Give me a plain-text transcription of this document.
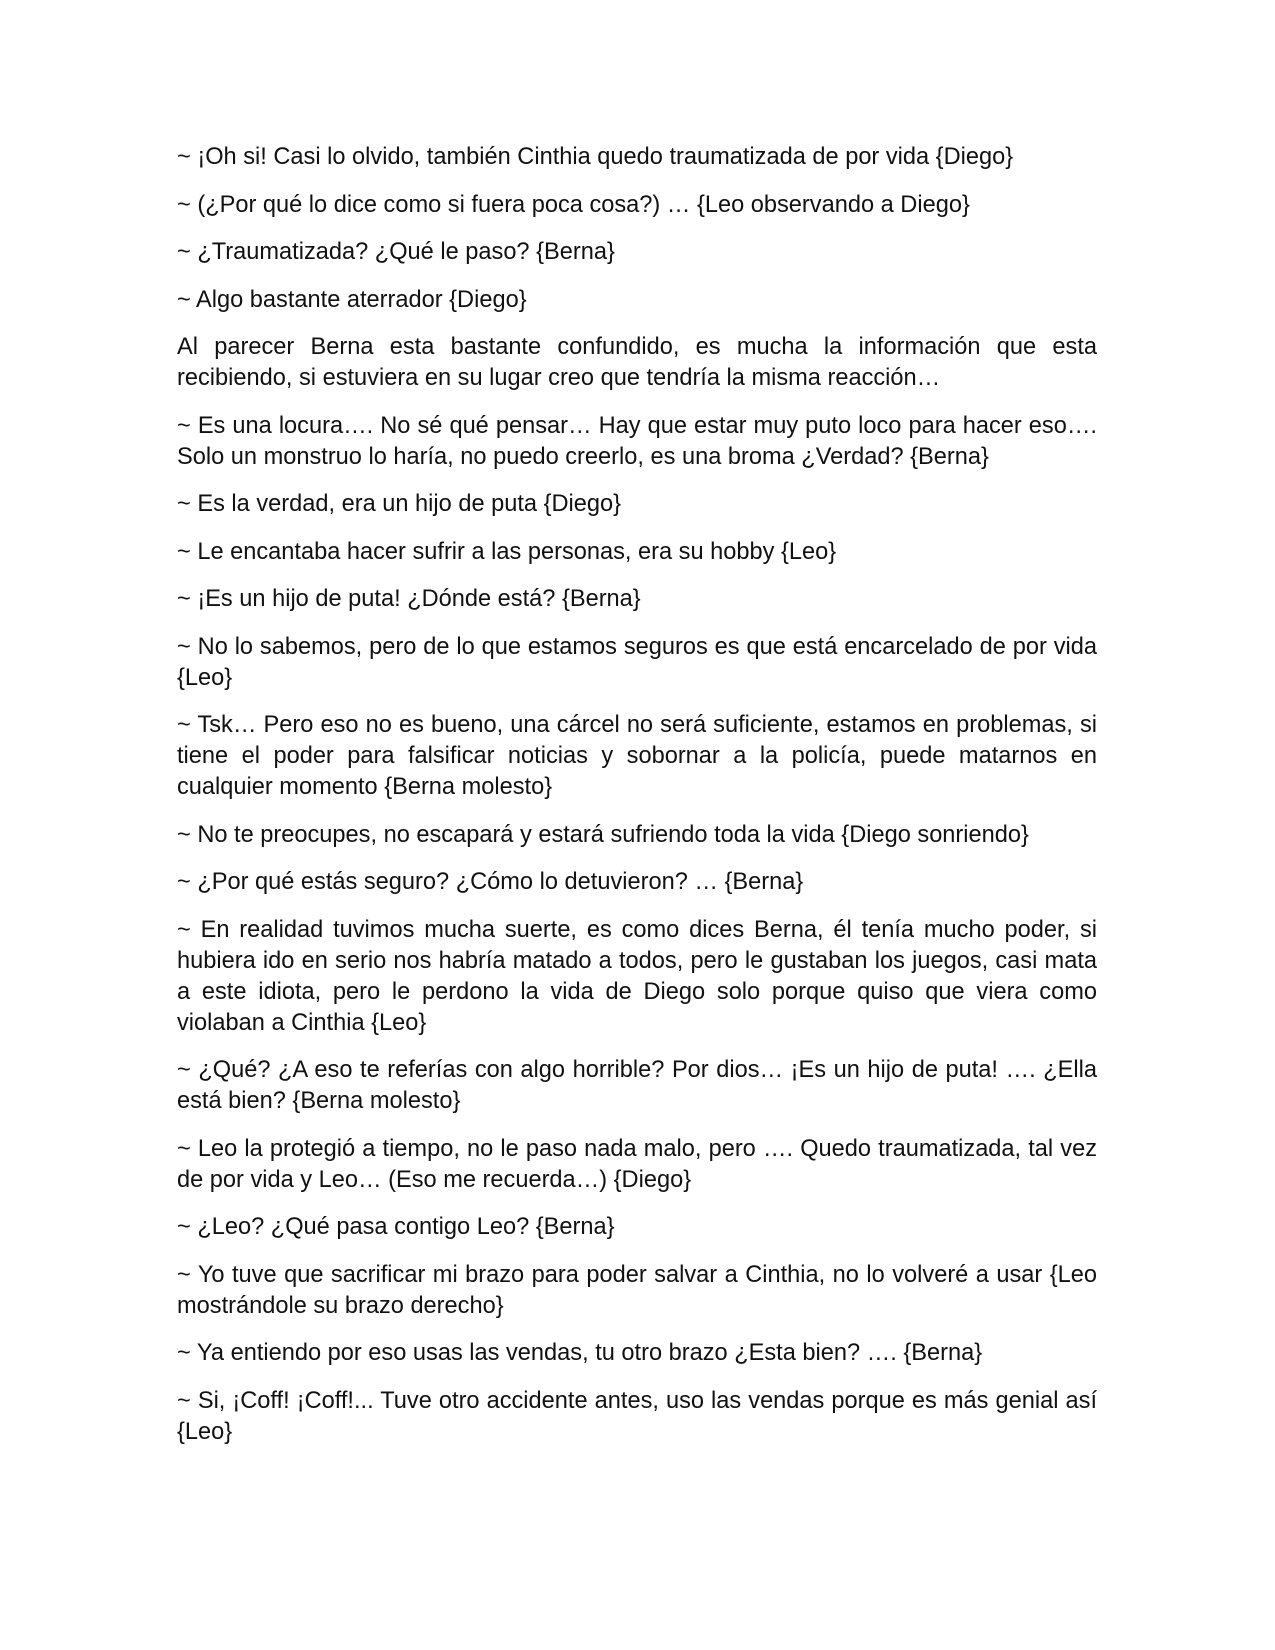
~ ¡Oh si! Casi lo olvido, también Cinthia quedo traumatizada de por vida {Diego}

~ (¿Por qué lo dice como si fuera poca cosa?) … {Leo observando a Diego}

~ ¿Traumatizada? ¿Qué le paso? {Berna}

~ Algo bastante aterrador {Diego}

Al parecer Berna esta bastante confundido, es mucha la información que esta recibiendo, si estuviera en su lugar creo que tendría la misma reacción…

~ Es una locura…. No sé qué pensar… Hay que estar muy puto loco para hacer eso…. Solo un monstruo lo haría, no puedo creerlo, es una broma ¿Verdad? {Berna}

~ Es la verdad, era un hijo de puta {Diego}

~ Le encantaba hacer sufrir a las personas, era su hobby {Leo}

~ ¡Es un hijo de puta! ¿Dónde está? {Berna}

~ No lo sabemos, pero de lo que estamos seguros es que está encarcelado de por vida {Leo}

~ Tsk… Pero eso no es bueno, una cárcel no será suficiente, estamos en problemas, si tiene el poder para falsificar noticias y sobornar a la policía, puede matarnos en cualquier momento {Berna molesto}

~ No te preocupes, no escapará y estará sufriendo toda la vida {Diego sonriendo}

~ ¿Por qué estás seguro? ¿Cómo lo detuvieron? … {Berna}

~ En realidad tuvimos mucha suerte, es como dices Berna, él tenía mucho poder, si hubiera ido en serio nos habría matado a todos, pero le gustaban los juegos, casi mata a este idiota, pero le perdono la vida de Diego solo porque quiso que viera como violaban a Cinthia {Leo}

~ ¿Qué? ¿A eso te referías con algo horrible? Por dios… ¡Es un hijo de puta! …. ¿Ella está bien? {Berna molesto}

~ Leo la protegió a tiempo, no le paso nada malo, pero …. Quedo traumatizada, tal vez de por vida y Leo… (Eso me recuerda…) {Diego}

~ ¿Leo? ¿Qué pasa contigo Leo? {Berna}

~ Yo tuve que sacrificar mi brazo para poder salvar a Cinthia, no lo volveré a usar {Leo mostrándole su brazo derecho}

~ Ya entiendo por eso usas las vendas, tu otro brazo ¿Esta bien? …. {Berna}

~ Si, ¡Coff! ¡Coff!... Tuve otro accidente antes, uso las vendas porque es más genial así {Leo}
